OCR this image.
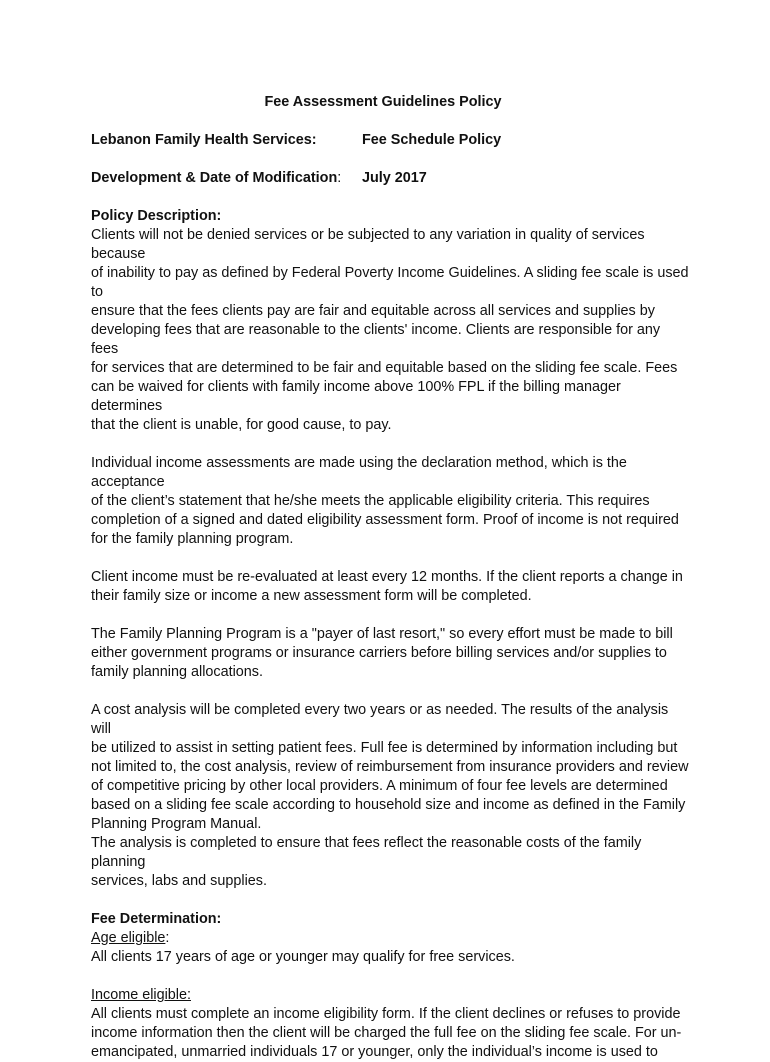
Fee Assessment Guidelines Policy

Lebanon Family Health Services:	Fee Schedule Policy
Development & Date of Modification:	July 2017
Policy Description:
Clients will not be denied services or be subjected to any variation in quality of services because
of inability to pay as defined by Federal Poverty Income Guidelines. A sliding fee scale is used to
ensure that the fees clients pay are fair and equitable across all services and supplies by
developing fees that are reasonable to the clients' income. Clients are responsible for any fees
for services that are determined to be fair and equitable based on the sliding fee scale. Fees
can be waived for clients with family income above 100% FPL if the billing manager determines
that the client is unable, for good cause, to pay.
Individual income assessments are made using the declaration method, which is the acceptance
of the client’s statement that he/she meets the applicable eligibility criteria. This requires
completion of a signed and dated eligibility assessment form. Proof of income is not required
for the family planning program.
Client income must be re-evaluated at least every 12 months. If the client reports a change in
their family size or income a new assessment form will be completed.
The Family Planning Program is a "payer of last resort," so every effort must be made to bill
either government programs or insurance carriers before billing services and/or supplies to
family planning allocations.
A cost analysis will be completed every two years or as needed. The results of the analysis will
be utilized to assist in setting patient fees. Full fee is determined by information including but
not limited to, the cost analysis, review of reimbursement from insurance providers and review
of competitive pricing by other local providers. A minimum of four fee levels are determined
based on a sliding fee scale according to household size and income as defined in the Family
Planning Program Manual.
The analysis is completed to ensure that fees reflect the reasonable costs of the family planning
services, labs and supplies.
Fee Determination:
Age eligible:
All clients 17 years of age or younger may qualify for free services.
Income eligible:
All clients must complete an income eligibility form. If the client declines or refuses to provide
income information then the client will be charged the full fee on the sliding fee scale. For un-
emancipated, unmarried individuals 17 or younger, only the individual’s income is used to
